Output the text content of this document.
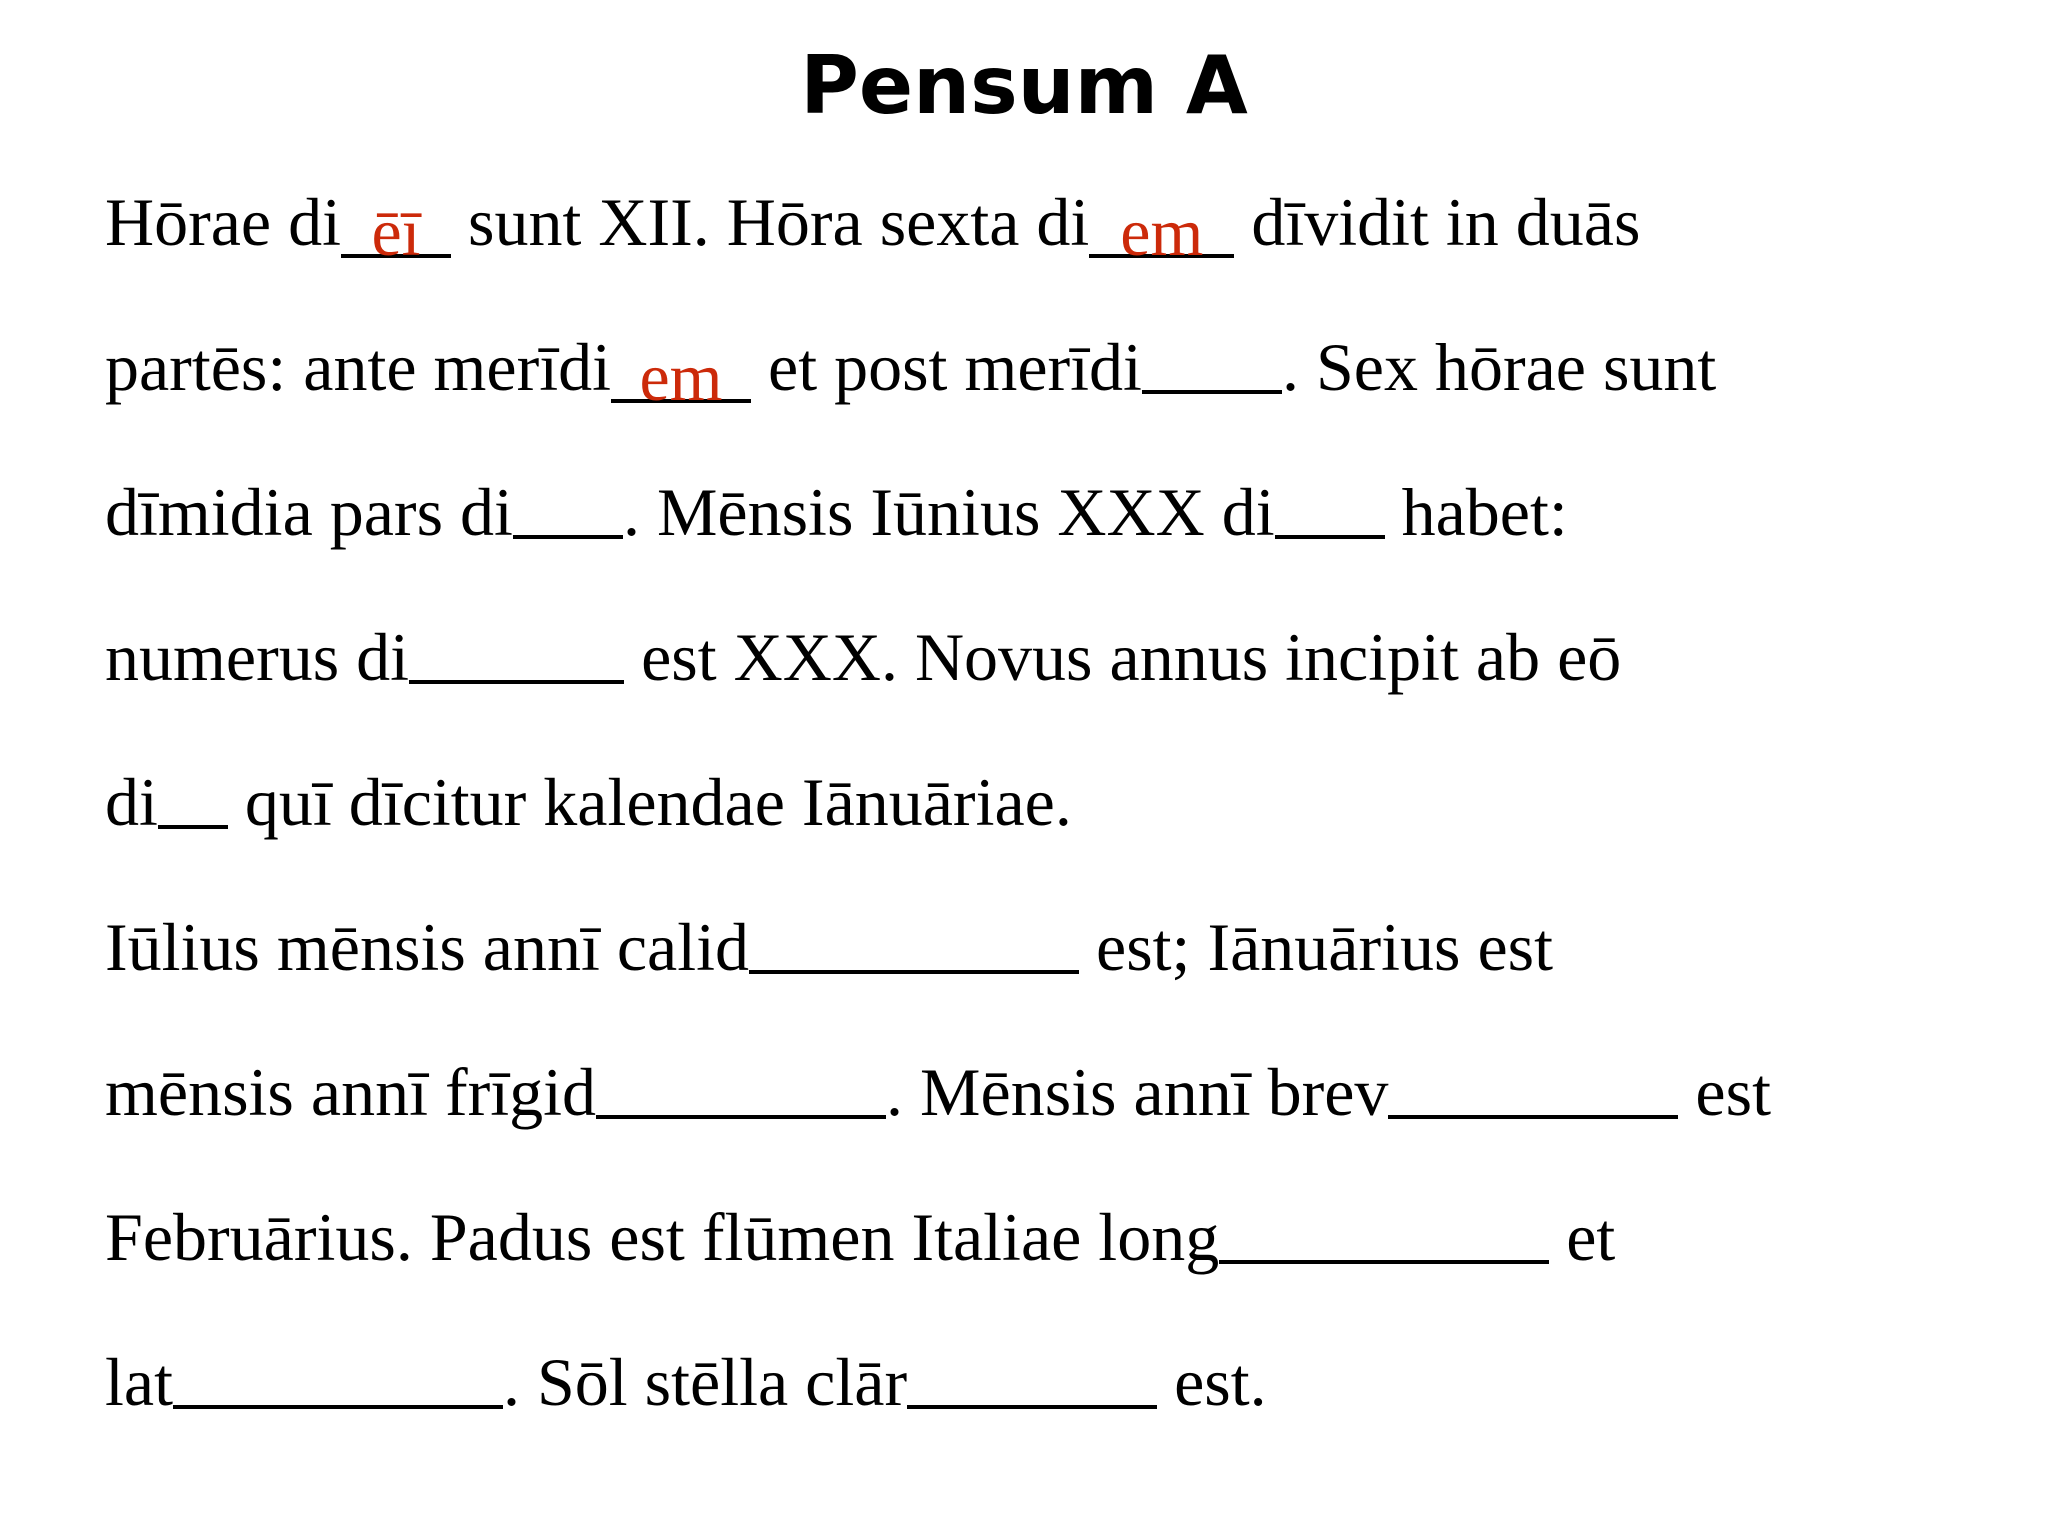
Pensum A
Hōrae di ēī sunt XII. Hōra sexta di em dīvidit in duās
partēs: ante merīdi em et post merīdi . Sex hōrae sunt
dīmidia pars di . Mēnsis Iūnius XXX di habet:
numerus di	est XXX. Novus annus incipit ab eō
di quī dīcitur kalendae Iānuāriae.
Iūlius mēnsis annī calid	est; Iānuārius est
mēnsis annī frīgid	. Mēnsis annī brev	est
Februārius. Padus est flūmen Italiae long	et
lat	. Sōl stēlla clār	est.
